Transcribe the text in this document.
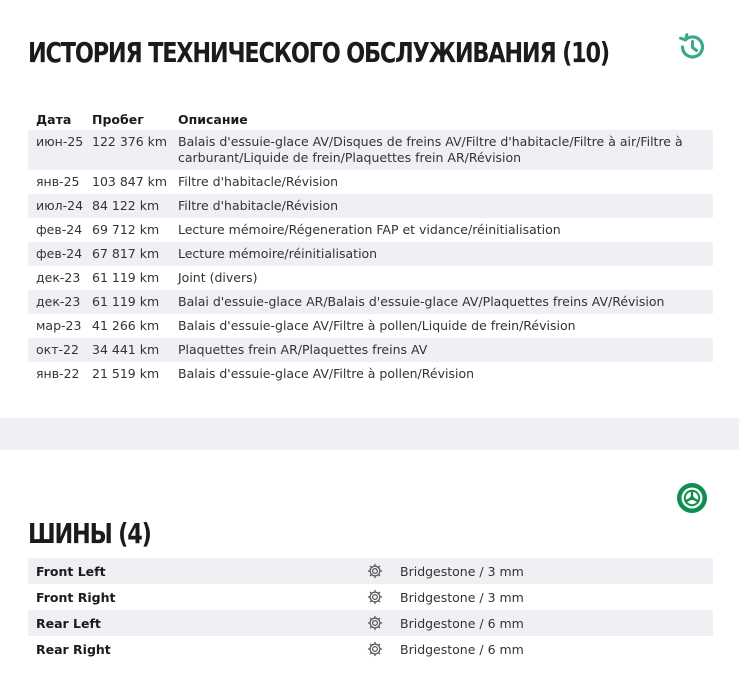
ИСТОРИЯ ТЕХНИЧЕСКОГО ОБСЛУЖИВАНИЯ (10)
Дата	Пробег	Описание
июн-25 122 376 km Balais d'essuie-glace AV/Disques de freins AV/Filtre d'habitacle/Filtre à air/Filtre à carburant/Liquide de frein/Plaquettes frein AR/Révision
янв-25	103 847 km Filtre d'habitacle/Révision
июл-24 84 122 km	Filtre d'habitacle/Révision
фев-24 69 712 km	Lecture mémoire/Régeneration FAP et vidance/réinitialisation
фев-24 67 817 km	Lecture mémoire/réinitialisation
дек-23 61 119 km	Joint (divers)
дек-23 61 119 km	Balai d'essuie-glace AR/Balais d'essuie-glace AV/Plaquettes freins AV/Révision
мар-23 41 266 km	Balais d'essuie-glace AV/Filtre à pollen/Liquide de frein/Révision
окт-22	34 441 km	Plaquettes frein AR/Plaquettes freins AV
янв-22	21 519 km	Balais d'essuie-glace AV/Filtre à pollen/Révision
ШИНЫ (4)
Front Left	Bridgestone / 3 mm
Front Right	Bridgestone / 3 mm
Rear Left	Bridgestone / 6 mm
Rear Right	Bridgestone / 6 mm
